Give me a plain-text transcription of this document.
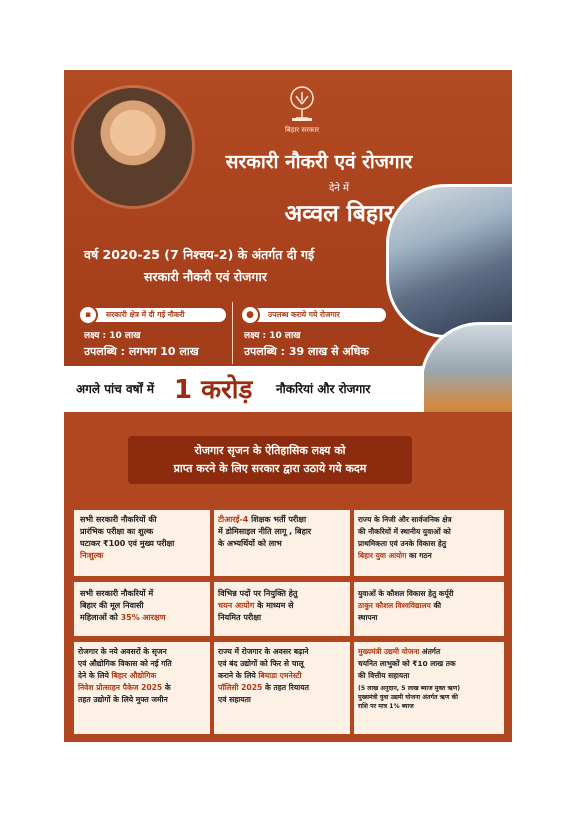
बिहार सरकार
सरकारी नौकरी एवं रोजगार
देने में
अव्वल बिहार
वर्ष 2020-25 (7 निश्चय-2) के अंतर्गत दी गई
सरकारी नौकरी एवं रोजगार
सरकारी क्षेत्र में दी गई नौकरी
▪
लक्ष्य : 10 लाख
उपलब्धि : लगभग 10 लाख
उपलब्ध कराये गये रोजगार
●
लक्ष्य : 10 लाख
उपलब्धि : 39 लाख से अधिक
अगले पांच वर्षों में 1 करोड़ नौकरियां और रोजगार
रोजगार सृजन के ऐतिहासिक लक्ष्य को
प्राप्त करने के लिए सरकार द्वारा उठाये गये कदम
सभी सरकारी नौकरियों की
प्रारंभिक परीक्षा का शुल्क
घटाकर ₹100 एवं मुख्य परीक्षा
निःशुल्क
टीआरई-4 शिक्षक भर्ती परीक्षा
में डोमिसाइल नीति लागू , बिहार
के अभ्यर्थियों को लाभ
राज्य के निजी और सार्वजनिक क्षेत्र
की नौकरियों में स्थानीय युवाओं को
प्राथमिकता एवं उनके विकास हेतु
बिहार युवा आयोग का गठन
सभी सरकारी नौकरियों में
बिहार की मूल निवासी
महिलाओं को 35% आरक्षण
विभिन्न पदों पर नियुक्ति हेतु
चयन आयोग के माध्यम से
नियमित परीक्षा
युवाओं के कौशल विकास हेतु कर्पूरी
ठाकुर कौशल विश्वविद्यालय की
स्थापना
रोजगार के नये अवसरों के सृजन
एवं औद्योगिक विकास को नई गति
देने के लिये बिहार औद्योगिक
निवेश प्रोत्साहन पैकेज 2025 के
तहत उद्योगों के लिये मुफ्त जमीन
राज्य में रोजगार के अवसर बढ़ाने
एवं बंद उद्योगों को फिर से चालू
कराने के लिये बियाडा एमनेस्टी
पॉलिसी 2025 के तहत रियायत
एवं सहायता
मुख्यमंत्री उद्यमी योजना अंतर्गत
चयनित लाभुकों को ₹10 लाख तक
की वित्तीय सहायता
(5 लाख अनुदान, 5 लाख ब्याज मुक्त ऋण)
मुख्यमंत्री युवा उद्यमी योजना अंतर्गत ऋण की
राशि पर मात्र 1% ब्याज
